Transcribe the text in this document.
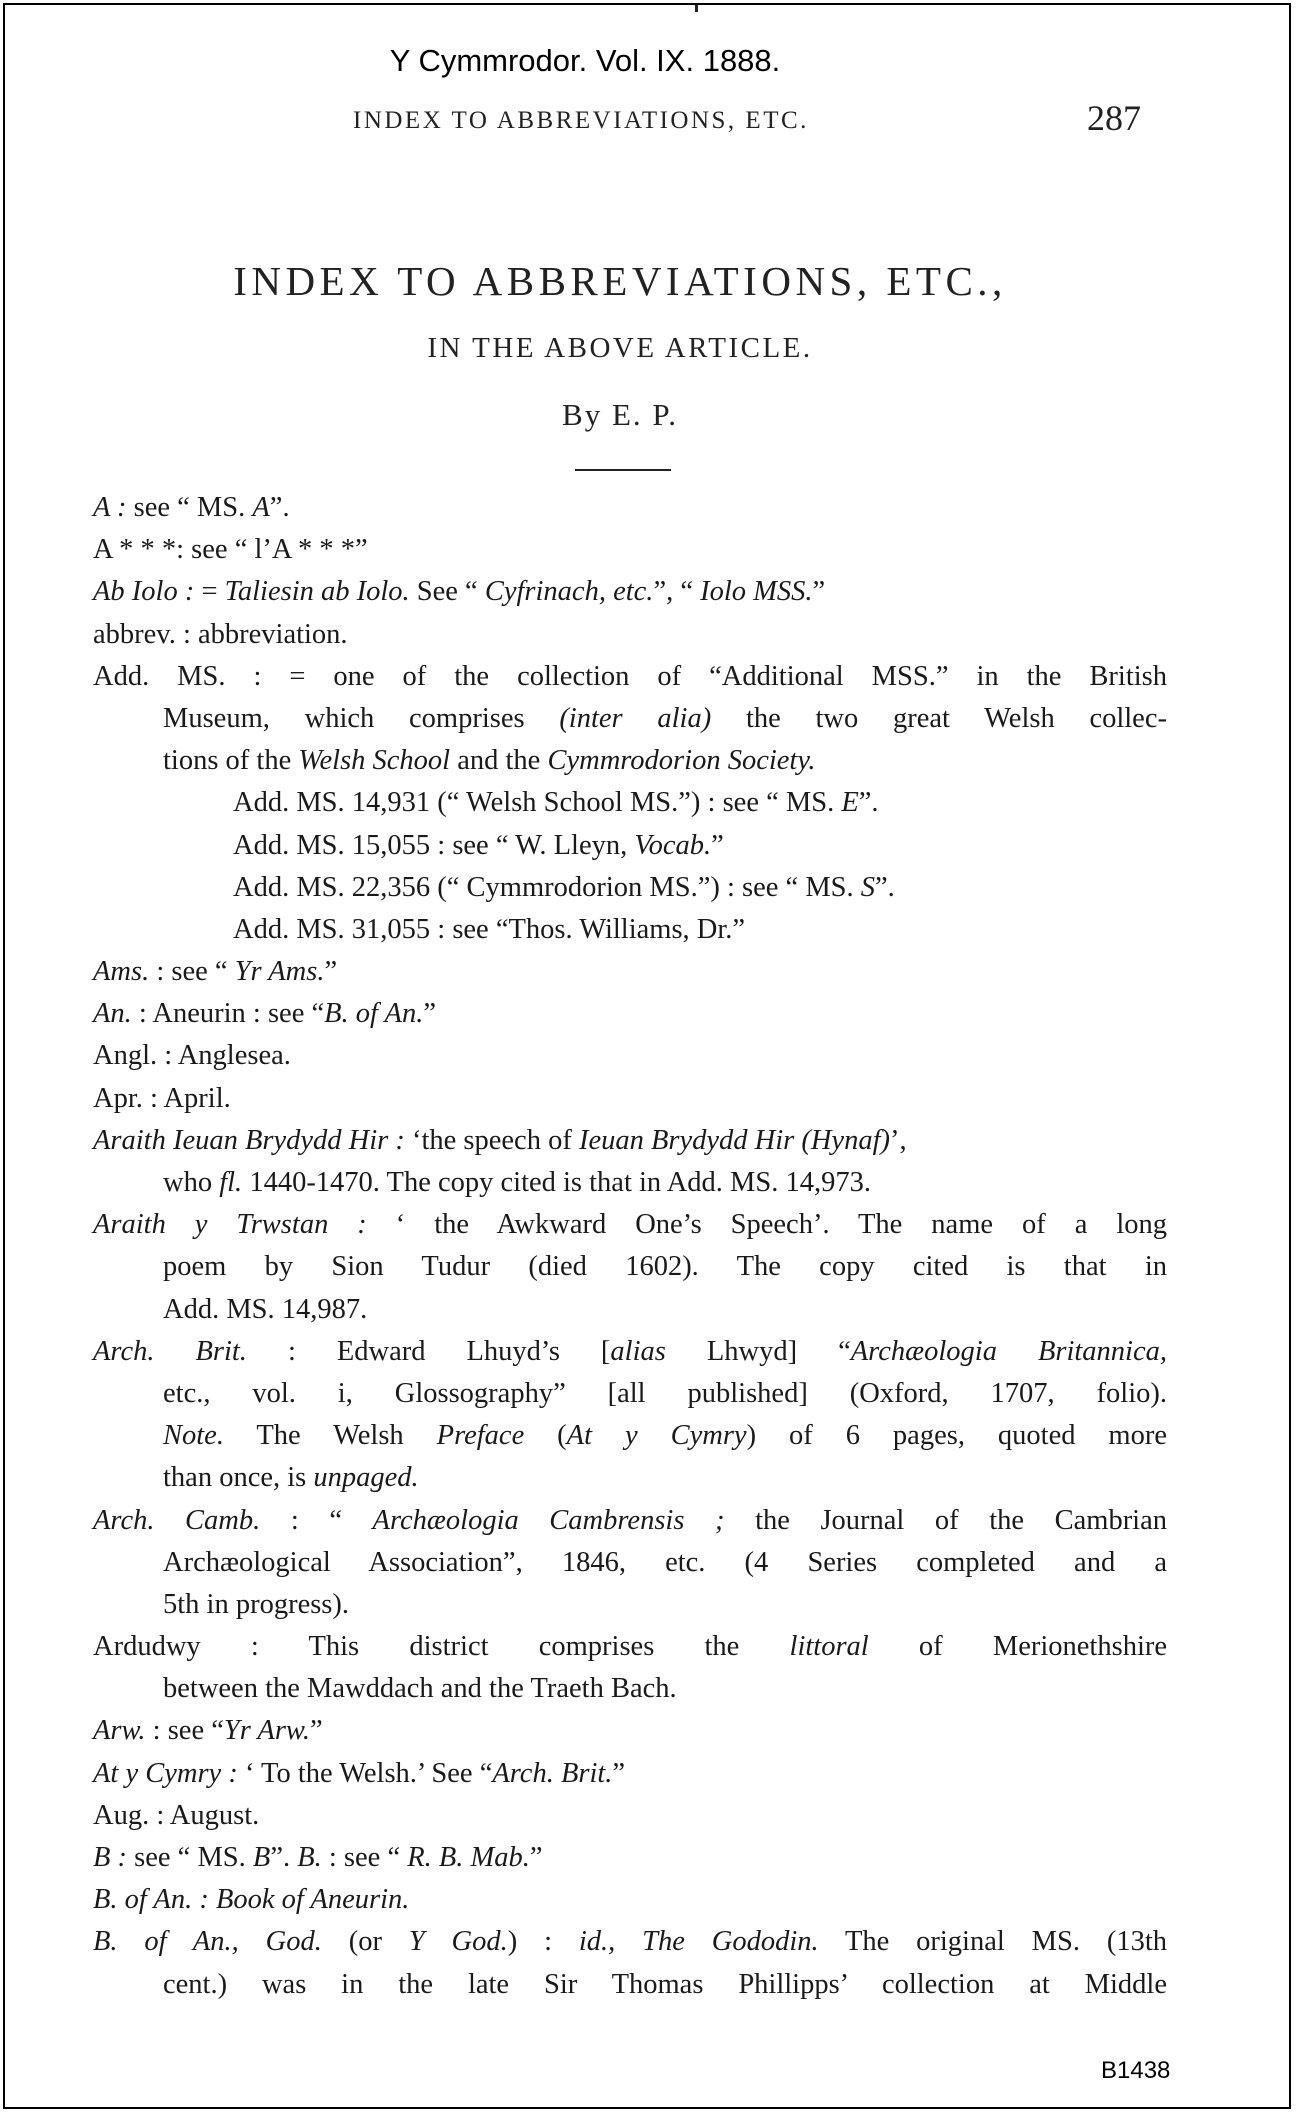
Y Cymmrodor. Vol. IX. 1888.
INDEX TO ABBREVIATIONS, ETC.	287
INDEX TO ABBREVIATIONS, ETC.,
IN THE ABOVE ARTICLE.
By E. P.
A : see “ MS. A”.
A * * *: see “ l’A * * *”
Ab Iolo : = Taliesin ab Iolo. See “ Cyfrinach, etc.”, “ Iolo MSS.”
abbrev. : abbreviation.
Add. MS. : = one of the collection of “Additional MSS.” in the British
Museum, which comprises (inter alia) the two great Welsh collec-
tions of the Welsh School and the Cymmrodorion Society.
Add. MS. 14,931 (“ Welsh School MS.”) : see “ MS. E”.
Add. MS. 15,055 : see “ W. Lleyn, Vocab.”
Add. MS. 22,356 (“ Cymmrodorion MS.”) : see “ MS. S”.
Add. MS. 31,055 : see “Thos. Williams, Dr.”
Ams. : see “ Yr Ams.”
An. : Aneurin : see “B. of An.”
Angl. : Anglesea.
Apr. : April.
Araith Ieuan Brydydd Hir : ‘the speech of Ieuan Brydydd Hir (Hynaf)’,
who fl. 1440-1470. The copy cited is that in Add. MS. 14,973.
Araith y Trwstan : ‘ the Awkward One’s Speech’. The name of a long
poem by Sion Tudur (died 1602). The copy cited is that in
Add. MS. 14,987.
Arch. Brit. : Edward Lhuyd’s [alias Lhwyd] “Archæologia Britannica,
etc., vol. i, Glossography” [all published] (Oxford, 1707, folio).
Note. The Welsh Preface (At y Cymry) of 6 pages, quoted more
than once, is unpaged.
Arch. Camb. : “ Archæologia Cambrensis ; the Journal of the Cambrian
Archæological Association”, 1846, etc. (4 Series completed and a
5th in progress).
Ardudwy : This district comprises the littoral of Merionethshire
between the Mawddach and the Traeth Bach.
Arw. : see “Yr Arw.”
At y Cymry : ‘ To the Welsh.’ See “Arch. Brit.”
Aug. : August.
B : see “ MS. B”. B. : see “ R. B. Mab.”
B. of An. : Book of Aneurin.
B. of An., God. (or Y God.) : id., The Gododin. The original MS. (13th
cent.) was in the late Sir Thomas Phillipps’ collection at Middle
B1438
